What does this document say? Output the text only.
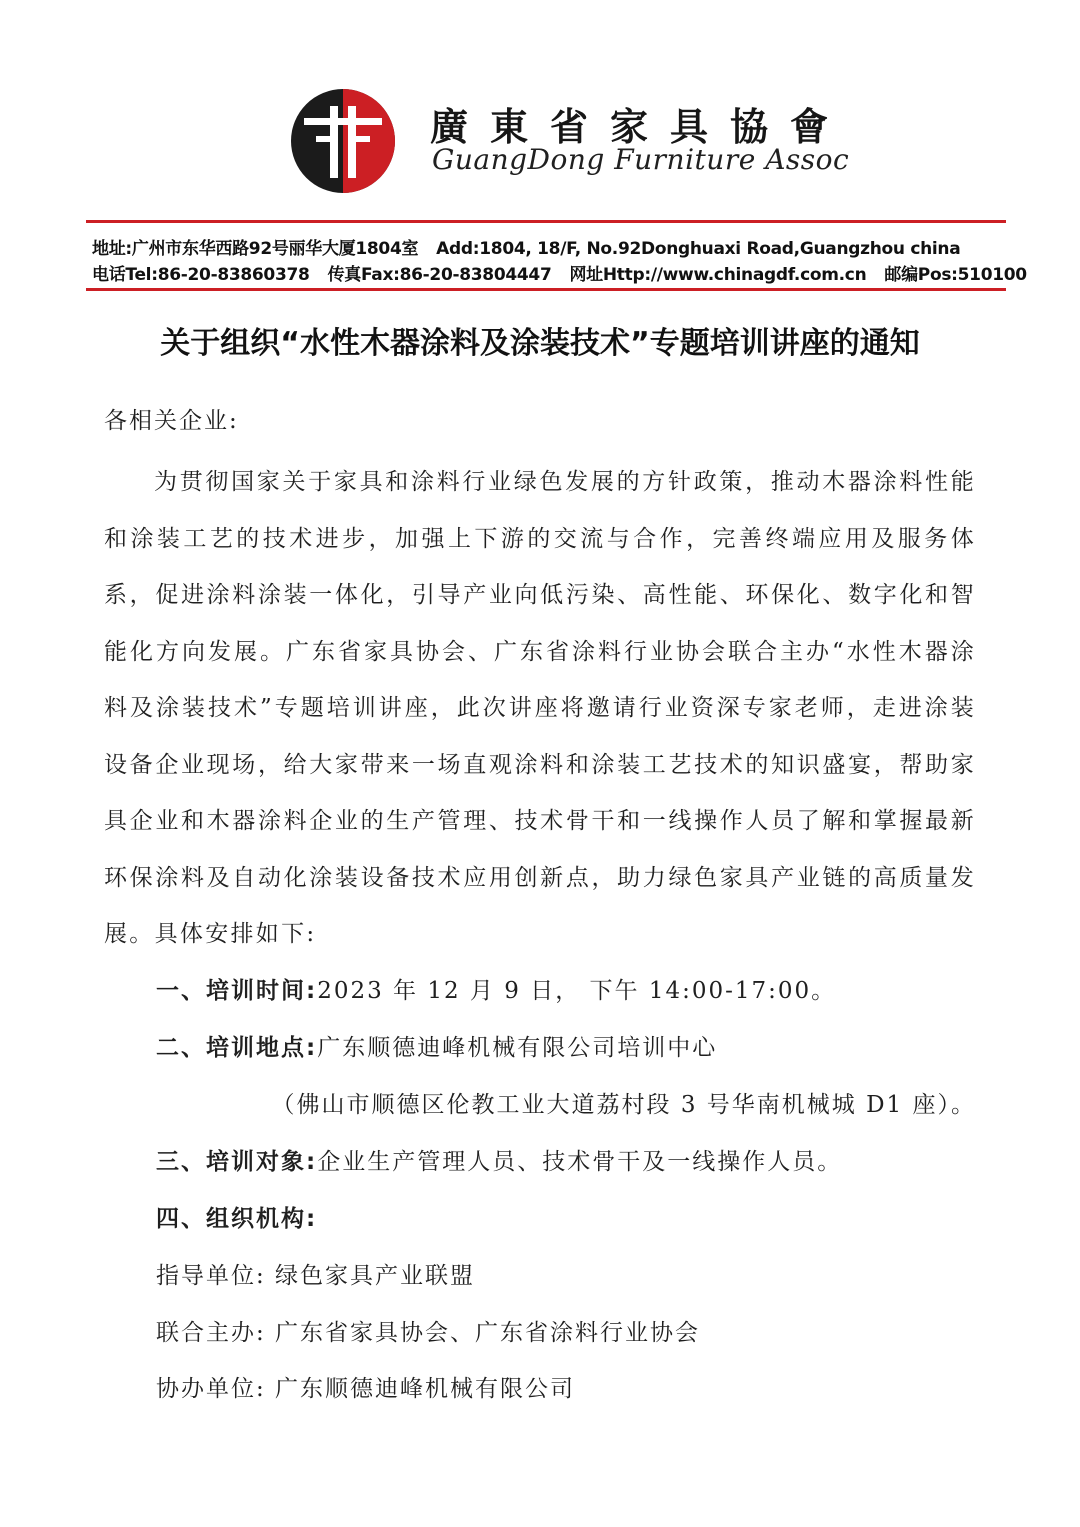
廣東省家具協會
GuangDong Furniture Assoc
地址:广州市东华西路92号丽华大厦1804室 Add:1804, 18/F, No.92Donghuaxi Road,Guangzhou china
电话Tel:86-20-83860378 传真Fax:86-20-83804447 网址Http://www.chinagdf.com.cn 邮编Pos:510100
关于组织“水性木器涂料及涂装技术”专题培训讲座的通知
各相关企业:
为贯彻国家关于家具和涂料行业绿色发展的方针政策，推动木器涂料性能和涂装工艺的技术进步，加强上下游的交流与合作，完善终端应用及服务体系，促进涂料涂装一体化，引导产业向低污染、高性能、环保化、数字化和智能化方向发展。广东省家具协会、广东省涂料行业协会联合主办“水性木器涂料及涂装技术”专题培训讲座，此次讲座将邀请行业资深专家老师，走进涂装设备企业现场，给大家带来一场直观涂料和涂装工艺技术的知识盛宴，帮助家具企业和木器涂料企业的生产管理、技术骨干和一线操作人员了解和掌握最新环保涂料及自动化涂装设备技术应用创新点，助力绿色家具产业链的高质量发展。具体安排如下:
一、培训时间:2023 年 12 月 9 日， 下午 14:00-17:00。
二、培训地点:广东顺德迪峰机械有限公司培训中心
（佛山市顺德区伦教工业大道荔村段 3 号华南机械城 D1 座）。
三、培训对象:企业生产管理人员、技术骨干及一线操作人员。
四、组织机构:
指导单位: 绿色家具产业联盟
联合主办: 广东省家具协会、广东省涂料行业协会
协办单位: 广东顺德迪峰机械有限公司
